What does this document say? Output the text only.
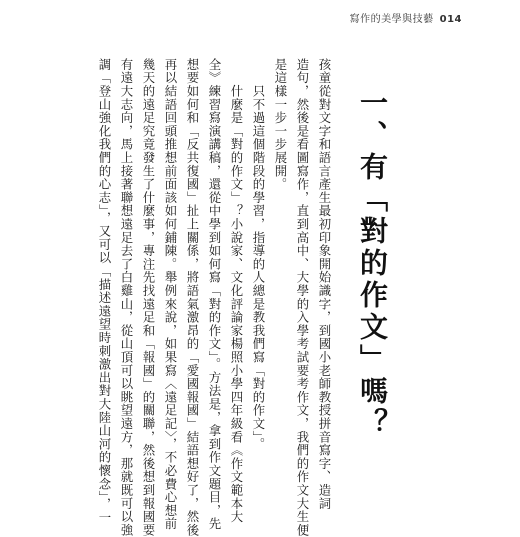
寫作的美學與技藝 014
一、有「對的作文」嗎？
孩童從對文字和語言產生最初印象開始識字，到國小老師教授拼音寫字、造詞
造句，然後是看圖寫作，直到高中、大學的入學考試要考作文，我們的作文大生便
是這樣一步一步展開。
　　只不過這個階段的學習，指導的人總是教我們寫「對的作文」。
　　什麼是「對的作文」？小說家、文化評論家楊照小學四年級看《作文範本大
全》練習寫演講稿，還從中學到如何寫「對的作文」。方法是，拿到作文題目，先
想要如何和「反共復國」扯上關係，將語氣激昂的「愛國報國」結語想好了，然後
再以結語回頭推想前面該如何鋪陳。舉例來說，如果寫〈遠足記〉，不必費心想前
幾天的遠足究竟發生了什麼事，專注先找遠足和「報國」的關聯，然後想到報國要
有遠大志向，馬上接著聯想遠足去了白雞山，從山頂可以眺望遠方，那就既可以強
調「登山強化我們的心志」，又可以「描述遠望時刺激出對大陸山河的懷念」，一
